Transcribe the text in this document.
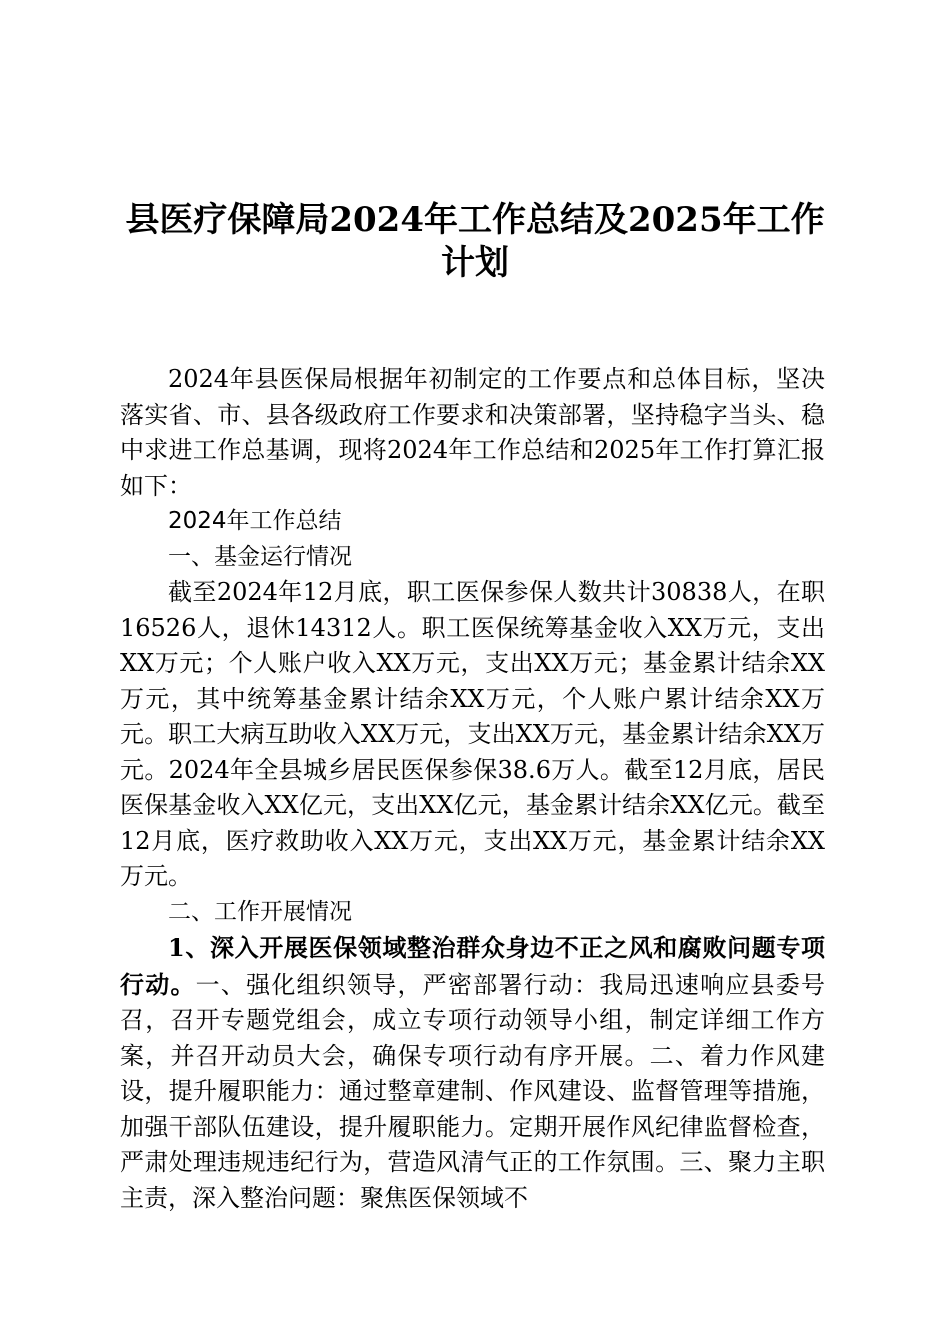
县医疗保障局2024年工作总结及2025年工作
计划

2024年县医保局根据年初制定的工作要点和总体目标，坚决落实省、市、县各级政府工作要求和决策部署，坚持稳字当头、稳中求进工作总基调，现将2024年工作总结和2025年工作打算汇报如下：

2024年工作总结

一、基金运行情况

截至2024年12月底，职工医保参保人数共计30838人，在职16526人，退休14312人。职工医保统筹基金收入XX万元，支出XX万元；个人账户收入XX万元，支出XX万元；基金累计结余XX万元，其中统筹基金累计结余XX万元，个人账户累计结余XX万元。职工大病互助收入XX万元，支出XX万元，基金累计结余XX万元。2024年全县城乡居民医保参保38.6万人。截至12月底，居民医保基金收入XX亿元，支出XX亿元，基金累计结余XX亿元。截至12月底，医疗救助收入XX万元，支出XX万元，基金累计结余XX万元。

二、工作开展情况

1、深入开展医保领域整治群众身边不正之风和腐败问题专项行动。一、强化组织领导，严密部署行动：我局迅速响应县委号召，召开专题党组会，成立专项行动领导小组，制定详细工作方案，并召开动员大会，确保专项行动有序开展。二、着力作风建设，提升履职能力：通过整章建制、作风建设、监督管理等措施，加强干部队伍建设，提升履职能力。定期开展作风纪律监督检查，严肃处理违规违纪行为，营造风清气正的工作氛围。三、聚力主职主责，深入整治问题：聚焦医保领域不
